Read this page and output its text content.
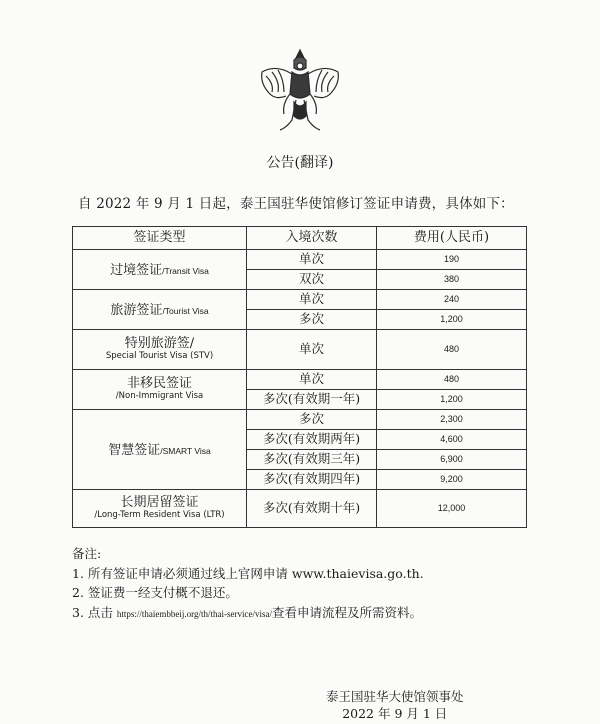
公告(翻译)
自 2022 年 9 月 1 日起，泰王国驻华使馆修订签证申请费，具体如下：
签证类型	入境次数	费用(人民币)
过境签证/Transit Visa	单次	190
	双次	380
旅游签证/Tourist Visa	单次	240
	多次	1,200

特别旅游签/
Special Tourist Visa (STV)	单次	480

非移民签证
/Non-Immigrant Visa	单次	480
	多次(有效期一年)	1,200
智慧签证/SMART Visa	多次	2,300
	多次(有效期两年)	4,600
	多次(有效期三年)	6,900
	多次(有效期四年)	9,200

长期居留签证
/Long-Term Resident Visa (LTR)	多次(有效期十年)	12,000
备注:
1. 所有签证申请必须通过线上官网申请 www.thaievisa.go.th.
2. 签证费一经支付概不退还。
3. 点击 https://thaiembbeij.org/th/thai-service/visa/查看申请流程及所需资料。
泰王国驻华大使馆领事处
2022 年 9 月 1 日
